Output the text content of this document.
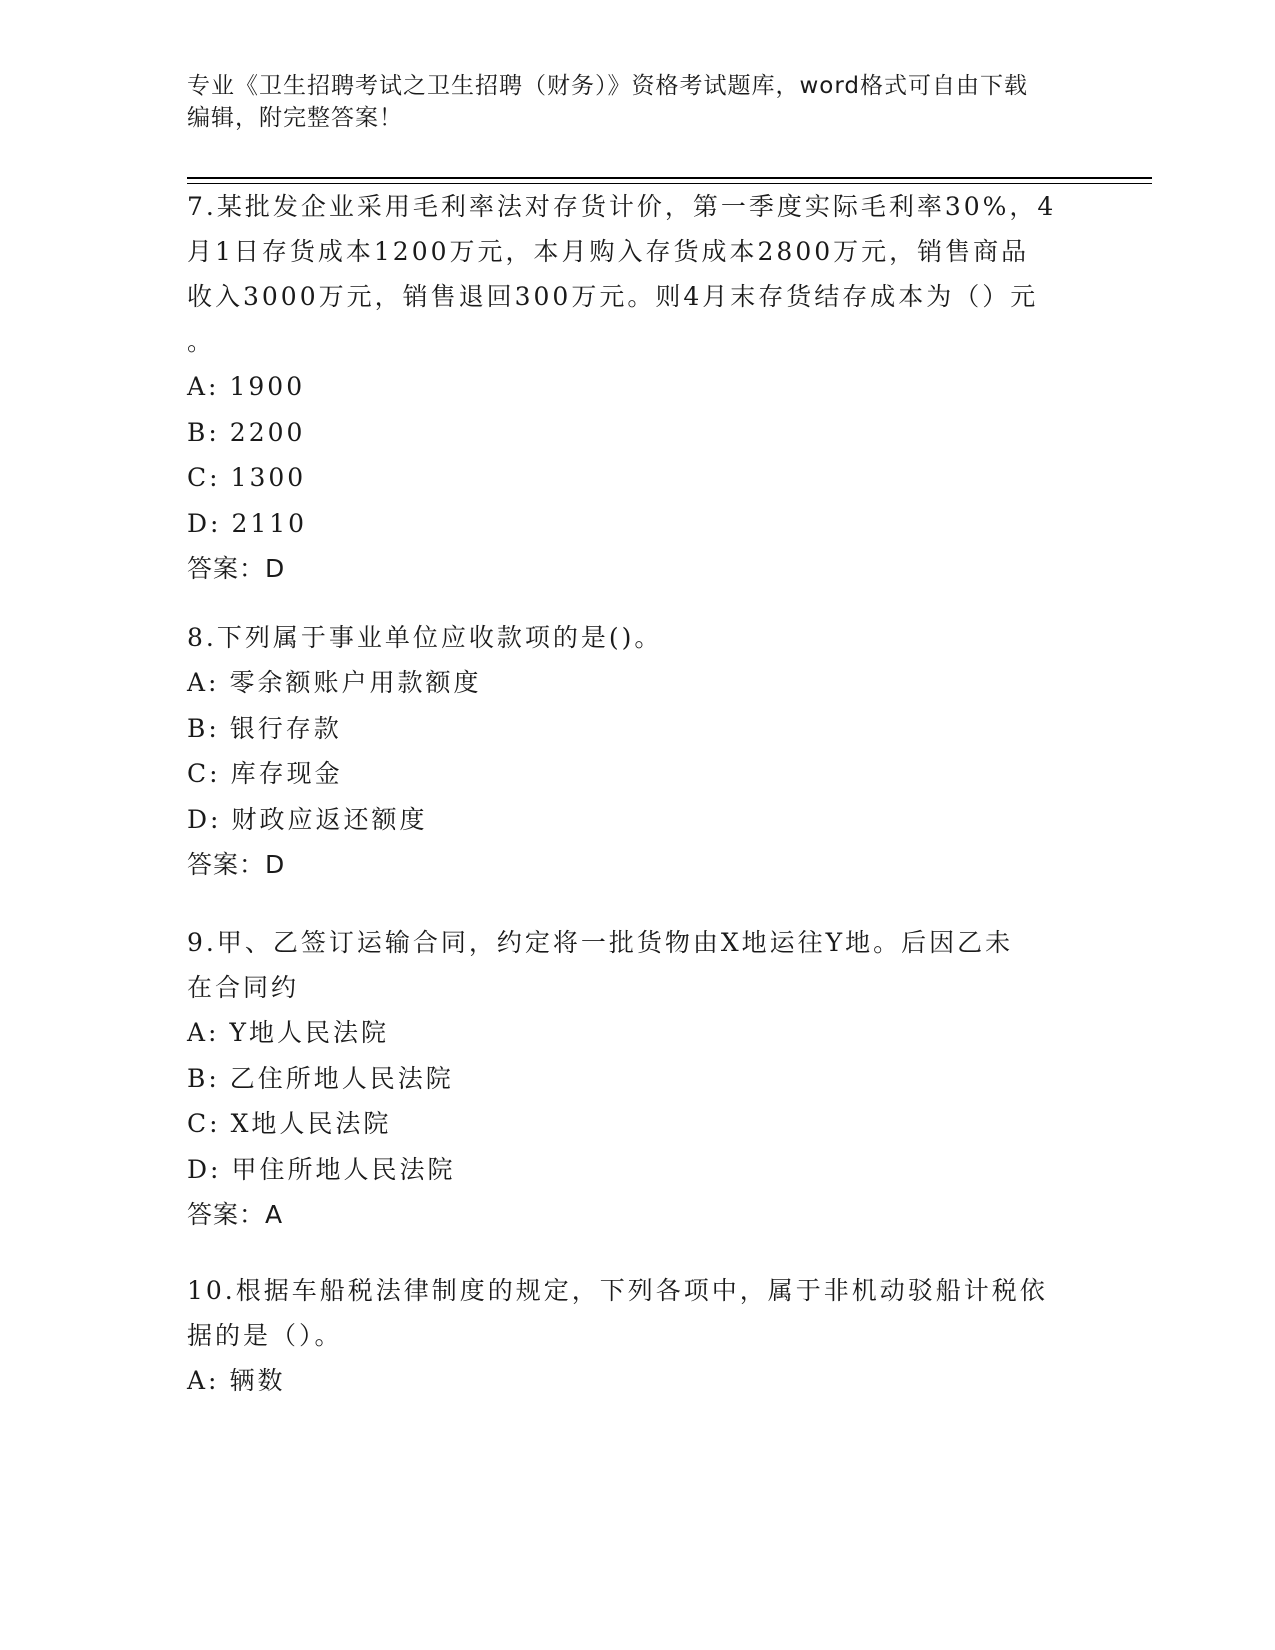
专业《卫生招聘考试之卫生招聘（财务）》资格考试题库，word格式可自由下载
编辑，附完整答案！
7.某批发企业采用毛利率法对存货计价，第一季度实际毛利率30%，4
月1日存货成本1200万元，本月购入存货成本2800万元，销售商品
收入3000万元，销售退回300万元。则4月末存货结存成本为（）元
。
A: 1900
B: 2200
C: 1300
D: 2110
答案：D
8.下列属于事业单位应收款项的是()。
A: 零余额账户用款额度
B: 银行存款
C: 库存现金
D: 财政应返还额度
答案：D
9.甲、乙签订运输合同，约定将一批货物由X地运往Y地。后因乙未
在合同约
A: Y地人民法院
B: 乙住所地人民法院
C: X地人民法院
D: 甲住所地人民法院
答案：A
10.根据车船税法律制度的规定，下列各项中，属于非机动驳船计税依
据的是（）。
A: 辆数
